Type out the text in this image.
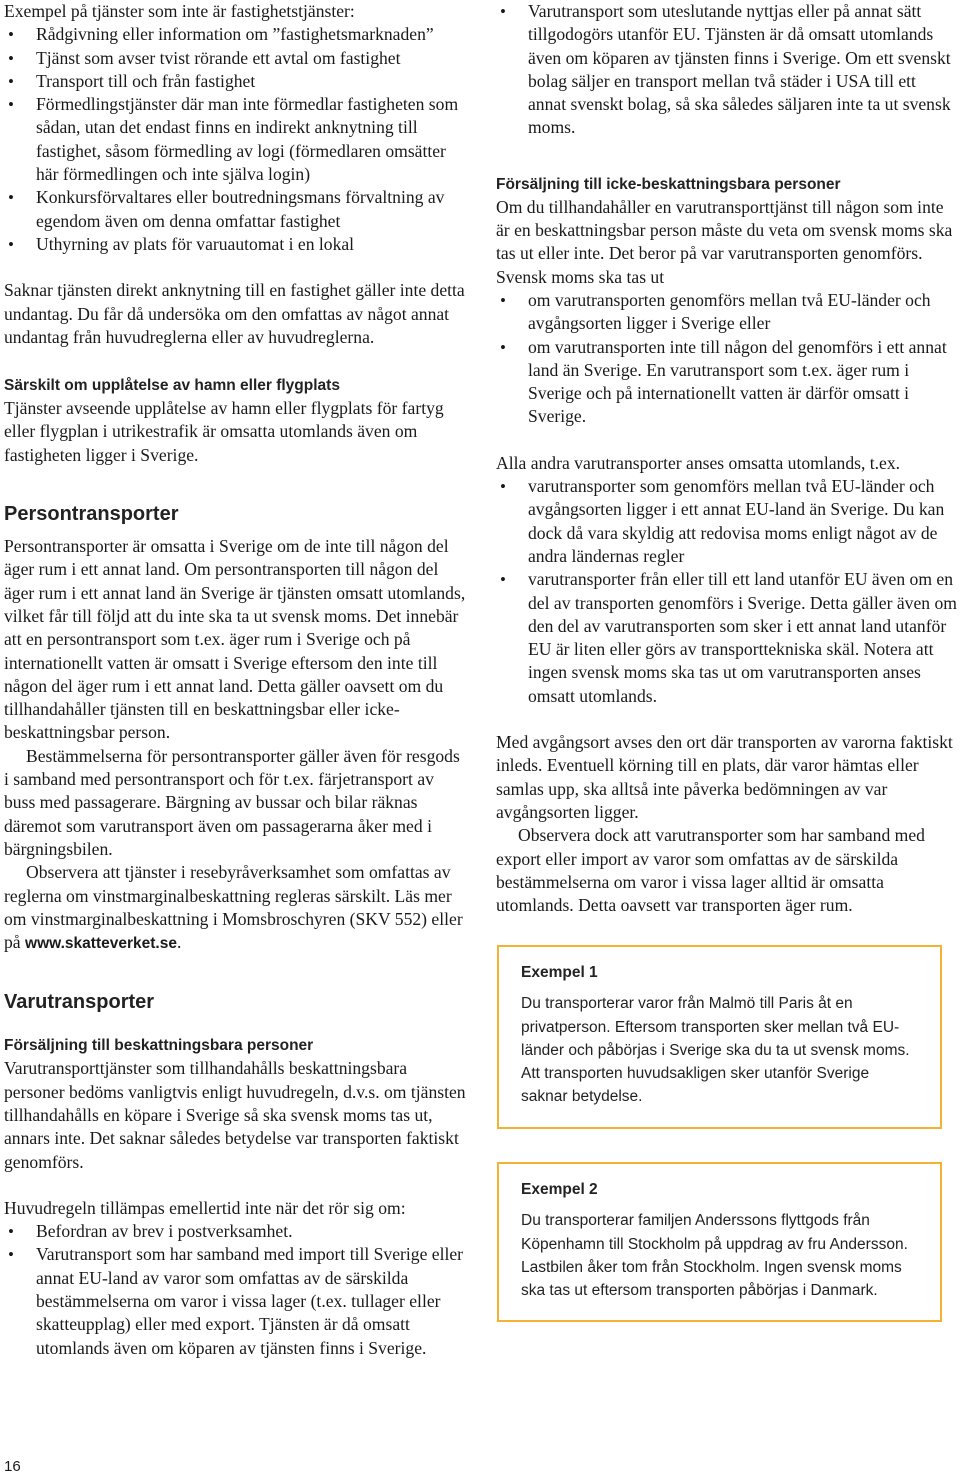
Exempel på tjänster som inte är fastighetstjänster:

• Rådgivning eller information om ”fastighetsmarknaden”
• Tjänst som avser tvist rörande ett avtal om fastighet
• Transport till och från fastighet
• Förmedlingstjänster där man inte förmedlar fastigheten som sådan, utan det endast finns en indirekt anknytning till fastighet, såsom förmedling av logi (förmedlaren omsätter här förmedlingen och inte själva login)
• Konkursförvaltares eller boutredningsmans förvaltning av egendom även om denna omfattar fastighet
• Uthyrning av plats för varuautomat i en lokal

Saknar tjänsten direkt anknytning till en fastighet gäller inte detta undantag. Du får då undersöka om den omfattas av något annat undantag från huvudreglerna eller av huvudreglerna.

Särskilt om upplåtelse av hamn eller flygplats

Tjänster avseende upplåtelse av hamn eller flygplats för fartyg eller flygplan i utrikestrafik är omsatta utomlands även om fastigheten ligger i Sverige.

Persontransporter

Persontransporter är omsatta i Sverige om de inte till någon del äger rum i ett annat land. Om persontransporten till någon del äger rum i ett annat land än Sverige är tjänsten omsatt utomlands, vilket får till följd att du inte ska ta ut svensk moms. Det innebär att en persontransport som t.ex. äger rum i Sverige och på internationellt vatten är omsatt i Sverige eftersom den inte till någon del äger rum i ett annat land. Detta gäller oavsett om du tillhandahåller tjänsten till en beskattningsbar eller icke-beskattningsbar person.

Bestämmelserna för persontransporter gäller även för resgods i samband med persontransport och för t.ex. färjetransport av buss med passagerare. Bärgning av bussar och bilar räknas däremot som varutransport även om passagerarna åker med i bärgningsbilen.

Observera att tjänster i resebyråverksamhet som omfattas av reglerna om vinstmarginalbeskattning regleras särskilt. Läs mer om vinstmarginalbeskattning i Momsbroschyren (SKV 552) eller på www.skatteverket.se.

Varutransporter

Försäljning till beskattningsbara personer

Varutransporttjänster som tillhandahålls beskattningsbara personer bedöms vanligtvis enligt huvudregeln, d.v.s. om tjänsten tillhandahålls en köpare i Sverige så ska svensk moms tas ut, annars inte. Det saknar således betydelse var transporten faktiskt genomförs.

Huvudregeln tillämpas emellertid inte när det rör sig om:

• Befordran av brev i postverksamhet.
• Varutransport som har samband med import till Sverige eller annat EU-land av varor som omfattas av de särskilda bestämmelserna om varor i vissa lager (t.ex. tullager eller skatteupplag) eller med export. Tjänsten är då omsatt utomlands även om köparen av tjänsten finns i Sverige.
• Varutransport som uteslutande nyttjas eller på annat sätt tillgodogörs utanför EU. Tjänsten är då omsatt utomlands även om köparen av tjänsten finns i Sverige. Om ett svenskt bolag säljer en transport mellan två städer i USA till ett annat svenskt bolag, så ska således säljaren inte ta ut svensk moms.

Försäljning till icke-beskattningsbara personer

Om du tillhandahåller en varutransporttjänst till någon som inte är en beskattningsbar person måste du veta om svensk moms ska tas ut eller inte. Det beror på var varutransporten genomförs. Svensk moms ska tas ut

• om varutransporten genomförs mellan två EU-länder och avgångsorten ligger i Sverige eller
• om varutransporten inte till någon del genomförs i ett annat land än Sverige. En varutransport som t.ex. äger rum i Sverige och på internationellt vatten är därför omsatt i Sverige.

Alla andra varutransporter anses omsatta utomlands, t.ex.

• varutransporter som genomförs mellan två EU-länder och avgångsorten ligger i ett annat EU-land än Sverige. Du kan dock då vara skyldig att redovisa moms enligt något av de andra ländernas regler
• varutransporter från eller till ett land utanför EU även om en del av transporten genomförs i Sverige. Detta gäller även om den del av varutransporten som sker i ett annat land utanför EU är liten eller görs av transporttekniska skäl. Notera att ingen svensk moms ska tas ut om varutransporten anses omsatt utomlands.

Med avgångsort avses den ort där transporten av varorna faktiskt inleds. Eventuell körning till en plats, där varor hämtas eller samlas upp, ska alltså inte påverka bedömningen av var avgångsorten ligger.

Observera dock att varutransporter som har samband med export eller import av varor som omfattas av de särskilda bestämmelserna om varor i vissa lager alltid är omsatta utomlands. Detta oavsett var transporten äger rum.

Exempel 1
Du transporterar varor från Malmö till Paris åt en privatperson. Eftersom transporten sker mellan två EU-länder och påbörjas i Sverige ska du ta ut svensk moms. Att transporten huvudsakligen sker utanför Sverige saknar betydelse.
Exempel 2
Du transporterar familjen Anderssons flyttgods från Köpenhamn till Stockholm på uppdrag av fru Andersson. Lastbilen åker tom från Stockholm. Ingen svensk moms ska tas ut eftersom transporten påbörjas i Danmark.
16
